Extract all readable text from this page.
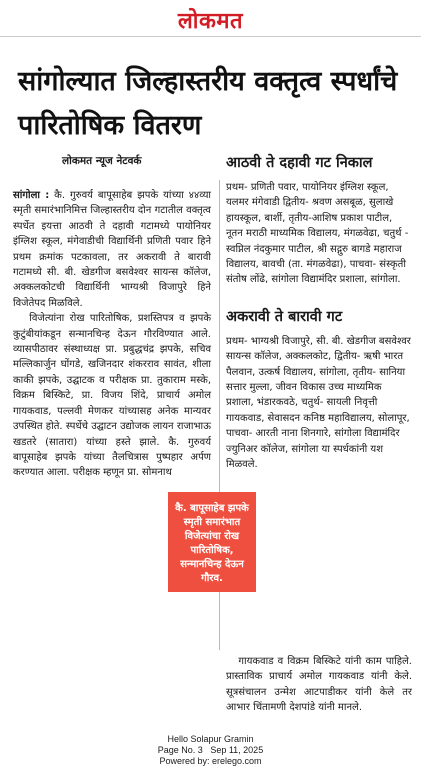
लोकमत
सांगोल्यात जिल्हास्तरीय वक्तृत्व स्पर्धांचे पारितोषिक वितरण
लोकमत न्यूज नेटवर्क

सांगोला : कै. गुरुवर्य बापूसाहेब झपके यांच्या ४४व्या स्मृती समारंभानिमित्त जिल्हास्तरीय दोन गटातील वक्तृत्व स्पर्धेत इयत्ता आठवी ते दहावी गटामध्ये पायोनियर इंग्लिश स्कूल, मंगेवाडीची विद्यार्थिनी प्रणिती पवार हिने प्रथम क्रमांक पटकावला, तर अकरावी ते बारावी गटामध्ये सी. बी. खेडगीज बसवेश्वर सायन्स कॉलेज, अक्कलकोटची विद्यार्थिनी भाग्यश्री विजापुरे हिने विजेतेपद मिळविले.

विजेत्यांना रोख पारितोषिक, प्रशस्तिपत्र व झपके कुटुंबीयांकडून सन्मानचिन्ह देऊन गौरविण्यात आले. व्यासपीठावर संस्थाध्यक्ष प्रा. प्रबुद्धचंद्र झपके, सचिव मल्लिकार्जुन घोंगडे, खजिनदार शंकरराव सावंत, शीला काकी झपके, उद्घाटक व परीक्षक प्रा. तुकाराम मस्के, विक्रम बिस्किटे, प्रा. विजय शिंदे, प्राचार्य अमोल गायकवाड, पल्लवी मेणकर यांच्यासह अनेक मान्यवर उपस्थित होते. स्पर्धेचे उद्घाटन उद्योजक लायन राजाभाऊ खडतरे (सातारा) यांच्या हस्ते झाले. कै. गुरुवर्य बापूसाहेब झपके यांच्या तैलचित्रास पुष्पहार अर्पण करण्यात आला. परीक्षक म्हणून प्रा. सोमनाथ

आठवी ते दहावी गट निकाल

प्रथम- प्रणिती पवार, पायोनियर इंग्लिश स्कूल, यलमर मंगेवाडी द्वितीय- श्रवण असबूळ, सुलाखे हायस्कूल, बार्शी, तृतीय-आशिष प्रकाश पाटील, नूतन मराठी माध्यमिक विद्यालय, मंगळवेढा, चतुर्थ - स्वप्निल नंदकुमार पाटील, श्री सद्गुरु बागडे महाराज विद्यालय, बावची (ता. मंगळवेढा), पाचवा- संस्कृती संतोष लोंढे, सांगोला विद्यामंदिर प्रशाला, सांगोला.

अकरावी ते बारावी गट

प्रथम- भाग्यश्री विजापुरे, सी. बी. खेडगीज बसवेश्वर सायन्स कॉलेज, अक्कलकोट, द्वितीय- ऋषी भारत पैलवान, उत्कर्ष विद्यालय, सांगोला, तृतीय- सानिया सत्तार मुल्ला, जीवन विकास उच्च माध्यमिक प्रशाला, भंडारकवठे, चतुर्थ- सायली निवृत्ती गायकवाड, सेवासदन कनिष्ठ महाविद्यालय, सोलापूर, पाचवा- आरती नाना शिनगारे, सांगोला विद्यामंदिर ज्युनिअर कॉलेज, सांगोला या स्पर्धकांनी यश मिळवले.

कै. बापूसाहेब झपके स्मृती समारंभात विजेत्यांचा रोख पारितोषिक, सन्मानचिन्ह देऊन गौरव.

गायकवाड व विक्रम बिस्किटे यांनी काम पाहिले. प्रास्ताविक प्राचार्य अमोल गायकवाड यांनी केले. सूत्रसंचालन उन्मेश आटपाडीकर यांनी केले तर आभार चिंतामणी देशपांडे यांनी मानले.

Hello Solapur Gramin
Page No. 3   Sep 11, 2025
Powered by: erelego.com
